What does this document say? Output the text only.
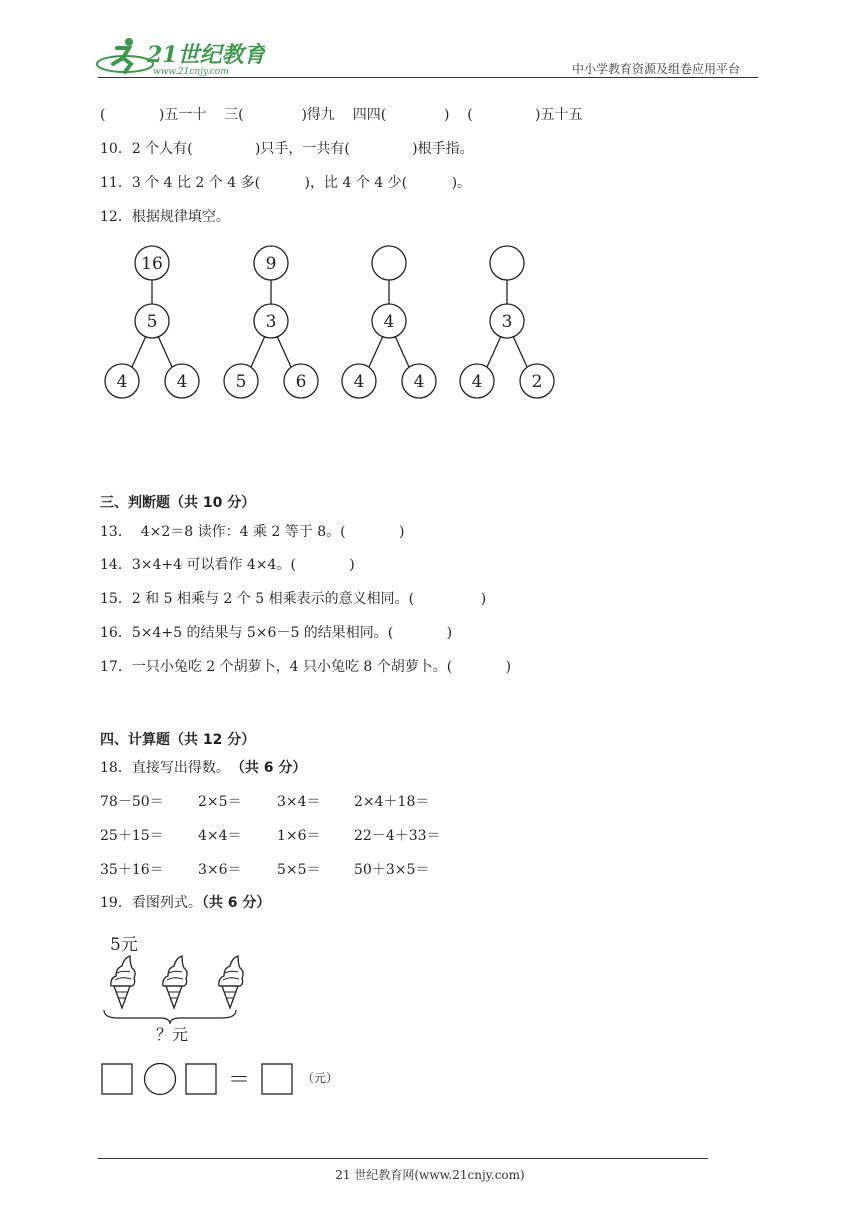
21世纪教育
www.21cnjy.com	中小学教育资源及组卷应用平台
(            )五一十    三(             )得九    四四(             )    (              )五十五
10．2 个人有(              )只手，一共有(              )根手指。
11．3 个 4 比 2 个 4 多(          )，比 4 个 4 少(          )。
12．根据规律填空。
16
5
4	4
9
3
5	6
4
4	4
3
4	2
三、判断题（共 10 分）
13．  4×2＝8 读作：4 乘 2 等于 8。(            )
14．3×4+4 可以看作 4×4。(            )
15．2 和 5 相乘与 2 个 5 相乘表示的意义相同。(               )
16．5×4+5 的结果与 5×6－5 的结果相同。(            )
17．一只小兔吃 2 个胡萝卜，4 只小兔吃 8 个胡萝卜。(            )
四、计算题（共 12 分）
18．直接写出得数。 （共 6 分）
78－50＝ 2×5＝	3×4＝ 2×4＋18＝
25＋15＝ 4×4＝	1×6＝ 22－4＋33＝
35＋16＝ 3×6＝	5×5＝ 50＋3×5＝
19．看图列式。（共 6 分）
5元
？元
＝	（元）
21 世纪教育网(www.21cnjy.com)
